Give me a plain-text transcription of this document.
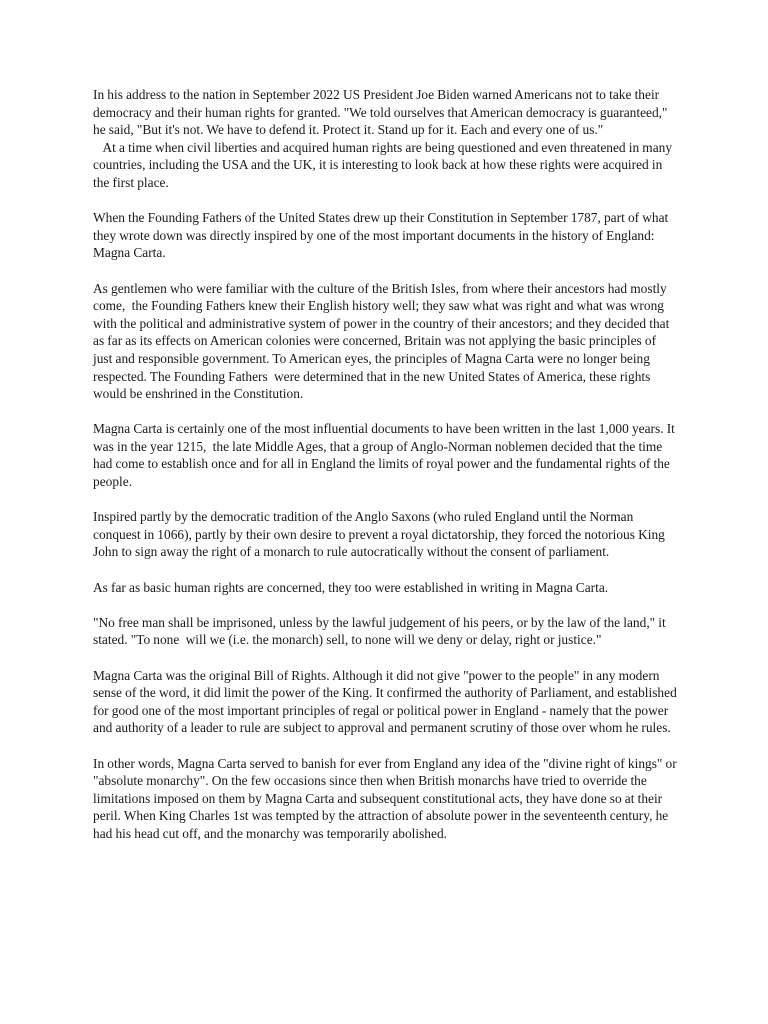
In his address to the nation in September 2022 US President Joe Biden warned Americans not to take their democracy and their human rights for granted. "We told ourselves that American democracy is guaranteed," he said, "But it's not. We have to defend it. Protect it. Stand up for it. Each and every one of us."

At a time when civil liberties and acquired human rights are being questioned and even threatened in many countries, including the USA and the UK, it is interesting to look back at how these rights were acquired in the first place.

When the Founding Fathers of the United States drew up their Constitution in September 1787, part of what they wrote down was directly inspired by one of the most important documents in the history of England: Magna Carta.

As gentlemen who were familiar with the culture of the British Isles, from where their ancestors had mostly come,  the Founding Fathers knew their English history well; they saw what was right and what was wrong with the political and administrative system of power in the country of their ancestors; and they decided that as far as its effects on American colonies were concerned, Britain was not applying the basic principles of just and responsible government. To American eyes, the principles of Magna Carta were no longer being respected. The Founding Fathers  were determined that in the new United States of America, these rights would be enshrined in the Constitution.

Magna Carta is certainly one of the most influential documents to have been written in the last 1,000 years. It was in the year 1215,  the late Middle Ages, that a group of Anglo-Norman noblemen decided that the time had come to establish once and for all in England the limits of royal power and the fundamental rights of the people.

Inspired partly by the democratic tradition of the Anglo Saxons (who ruled England until the Norman conquest in 1066), partly by their own desire to prevent a royal dictatorship, they forced the notorious King John to sign away the right of a monarch to rule autocratically without the consent of parliament.

As far as basic human rights are concerned, they too were established in writing in Magna Carta.

"No free man shall be imprisoned, unless by the lawful judgement of his peers, or by the law of the land," it stated. "To none  will we (i.e. the monarch) sell, to none will we deny or delay, right or justice."

Magna Carta was the original Bill of Rights. Although it did not give "power to the people" in any modern sense of the word, it did limit the power of the King. It confirmed the authority of Parliament, and established for good one of the most important principles of regal or political power in England - namely that the power and authority of a leader to rule are subject to approval and permanent scrutiny of those over whom he rules.

In other words, Magna Carta served to banish for ever from England any idea of the "divine right of kings" or "absolute monarchy". On the few occasions since then when British monarchs have tried to override the limitations imposed on them by Magna Carta and subsequent constitutional acts, they have done so at their peril. When King Charles 1st was tempted by the attraction of absolute power in the seventeenth century, he had his head cut off, and the monarchy was temporarily abolished.
